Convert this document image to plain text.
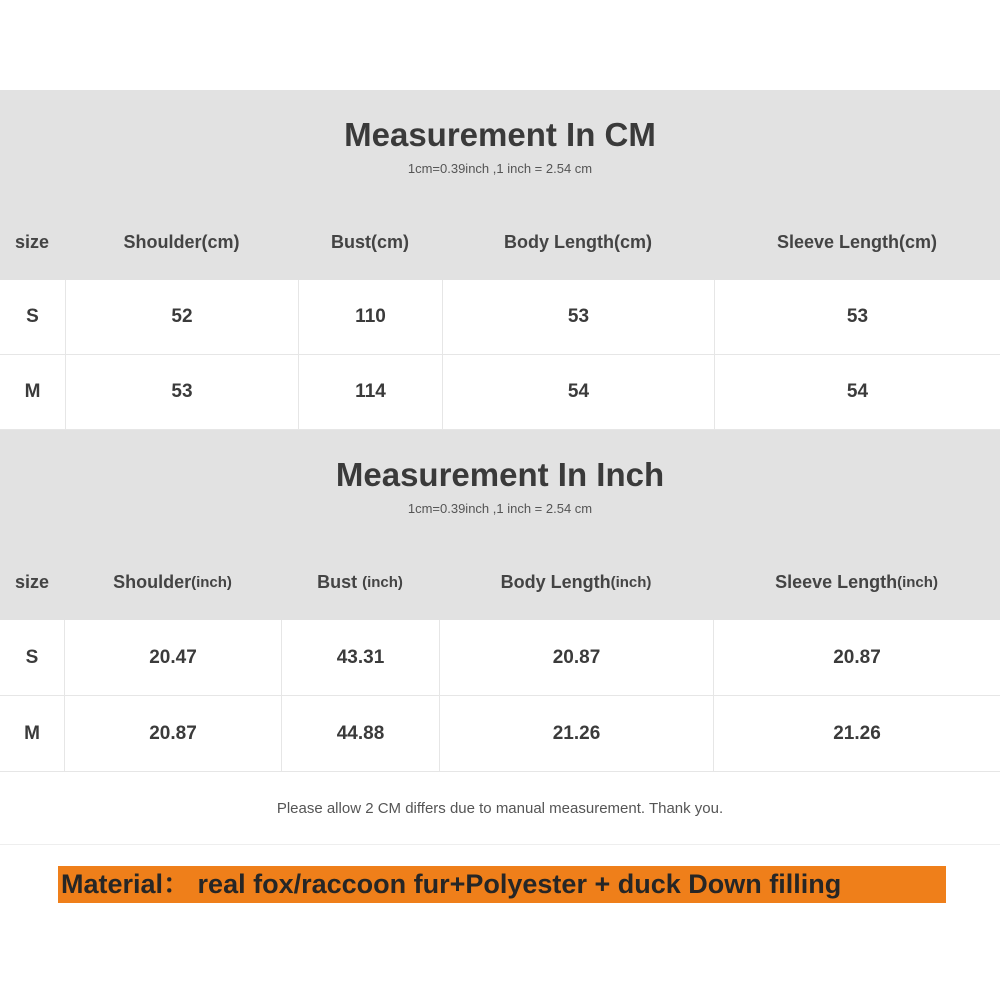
Measurement In CM
1cm=0.39inch ,1 inch = 2.54 cm
size	Shoulder(cm)	Bust(cm)	Body Length(cm)	Sleeve Length(cm)
S	52	110	53	53
M	53	114	54	54
Measurement In Inch
1cm=0.39inch ,1 inch = 2.54 cm
size	Shoulder (inch)	Bust (inch)	Body Length (inch)	Sleeve Length (inch)
S	20.47	43.31	20.87	20.87
M	20.87	44.88	21.26	21.26
Please allow 2 CM differs due to manual measurement. Thank you.
Material： real fox/raccoon fur+Polyester + duck Down filling
